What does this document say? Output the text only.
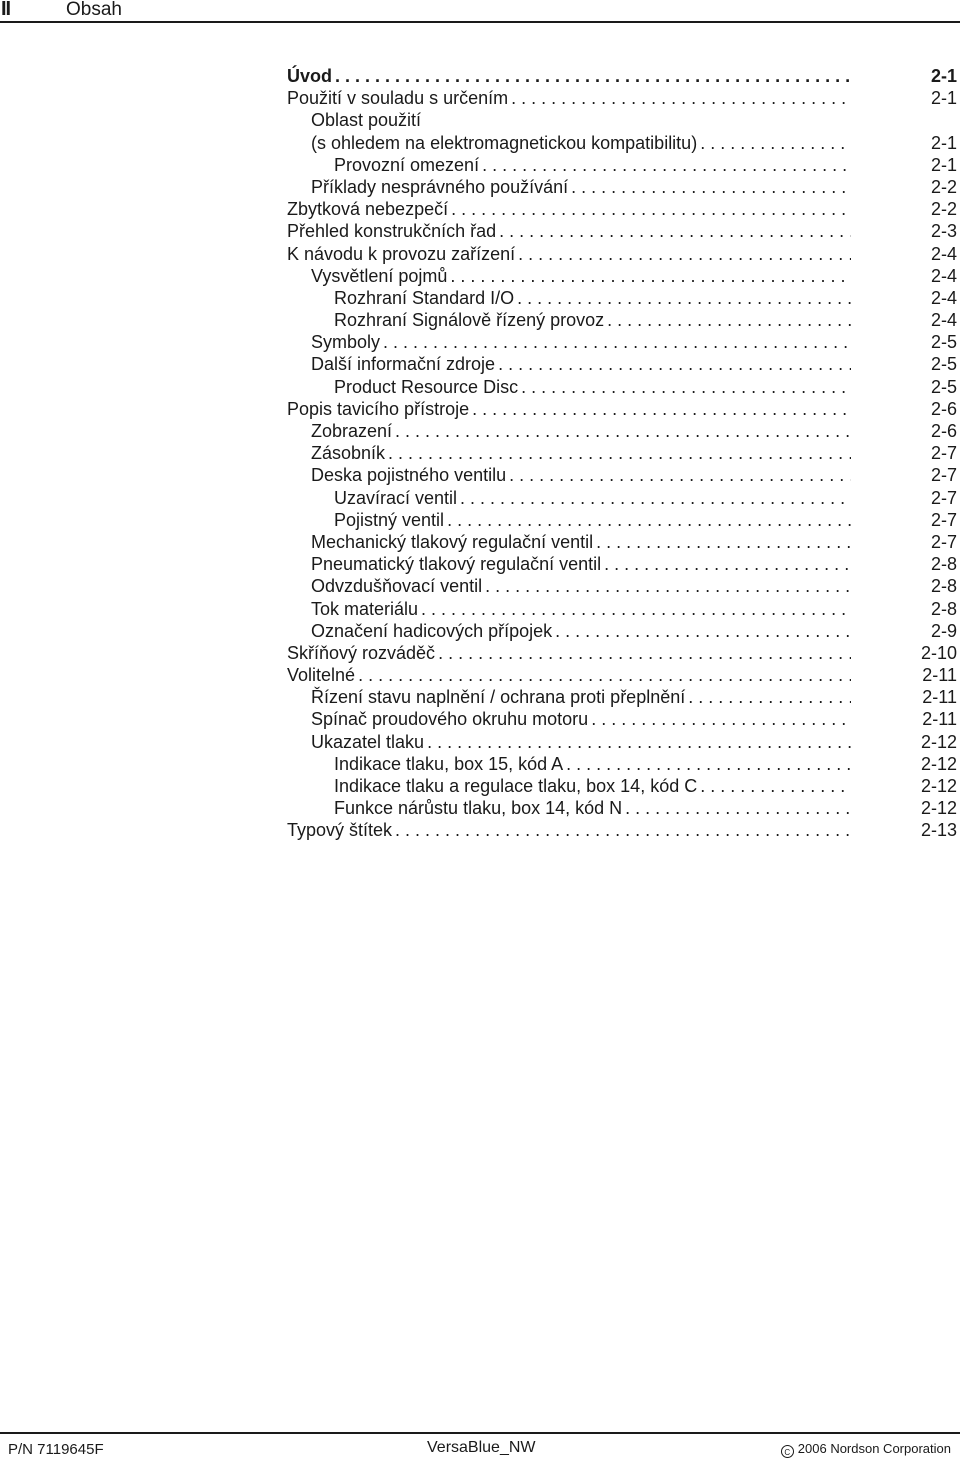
II	Obsah
Úvod . . .	2-1
Použití v souladu s určením . . .	2-1
Oblast použití
(s ohledem na elektromagnetickou kompatibilitu) . . .	2-1
Provozní omezení . . .	2-1
Příklady nesprávného používání . . .	2-2
Zbytková nebezpečí . . .	2-2
Přehled konstrukčních řad . . .	2-3
K návodu k provozu zařízení . . .	2-4
Vysvětlení pojmů . . .	2-4
Rozhraní Standard I/O . . .	2-4
Rozhraní Signálově řízený provoz . . .	2-4
Symboly . . .	2-5
Další informační zdroje . . .	2-5
Product Resource Disc . . .	2-5
Popis tavicího přístroje . . .	2-6
Zobrazení . . .	2-6
Zásobník . . .	2-7
Deska pojistného ventilu . . .	2-7
Uzavírací ventil . . .	2-7
Pojistný ventil . . .	2-7
Mechanický tlakový regulační ventil . . .	2-7
Pneumatický tlakový regulační ventil . . .	2-8
Odvzdušňovací ventil . . .	2-8
Tok materiálu . . .	2-8
Označení hadicových přípojek . . .	2-9
Skříňový rozváděč . . .	2-10
Volitelné . . .	2-11
Řízení stavu naplnění / ochrana proti přeplnění . . .	2-11
Spínač proudového okruhu motoru . . .	2-11
Ukazatel tlaku . . .	2-12
Indikace tlaku, box 15, kód A . . .	2-12
Indikace tlaku a regulace tlaku, box 14, kód C . . .	2-12
Funkce nárůstu tlaku, box 14, kód N . . .	2-12
Typový štítek . . .	2-13
P/N 7119645F	VersaBlue_NW	C 2006 Nordson Corporation
